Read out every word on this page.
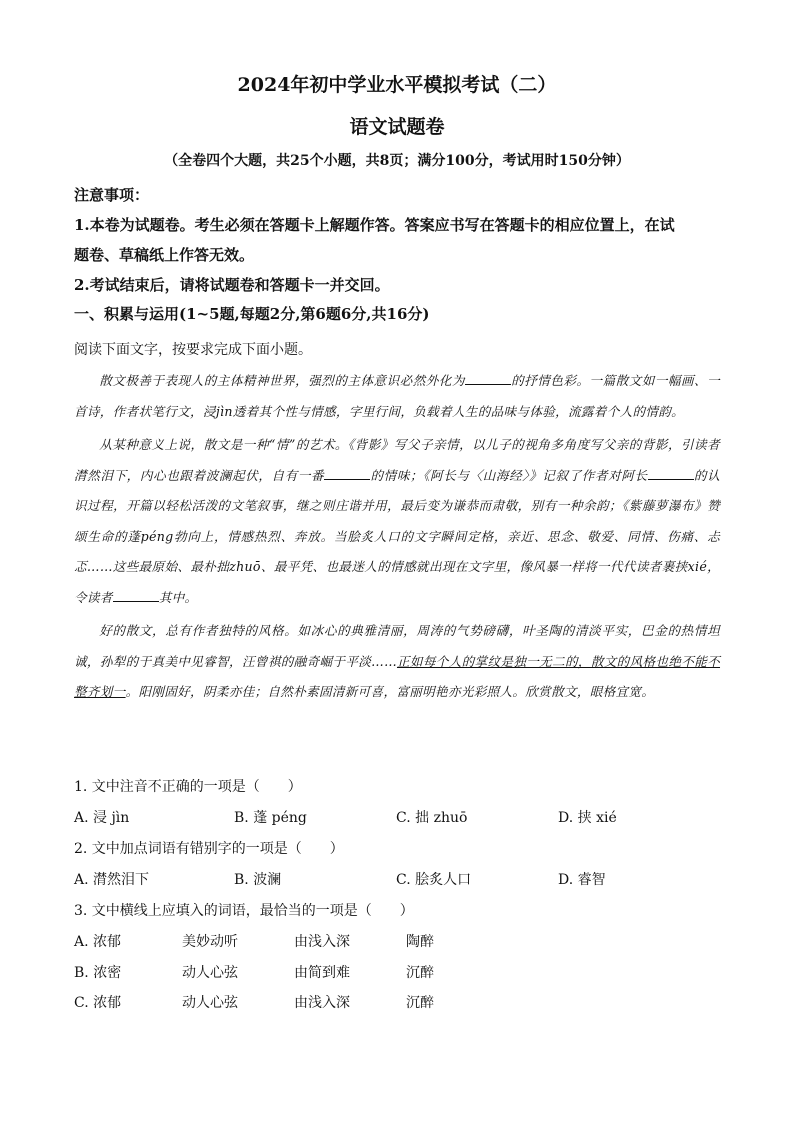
2024年初中学业水平模拟考试（二）
语文试题卷
（全卷四个大题，共25个小题，共8页；满分100分，考试用时150分钟）
注意事项：
1.本卷为试题卷。考生必须在答题卡上解题作答。答案应书写在答题卡的相应位置上，在试
题卷、草稿纸上作答无效。
2.考试结束后，请将试题卷和答题卡一并交回。
一、积累与运用(1~5题,每题2分,第6题6分,共16分)
阅读下面文字，按要求完成下面小题。

散文极善于表现人的主体精神世界，强烈的主体意识必然外化为	的抒情色彩。一篇散文如一幅画、一首诗，作者状笔行文，浸jìn透着其个性与情感，字里行间，负载着人生的品味与体验，流露着个人的情韵。

从某种意义上说，散文是一种“情”的艺术。《背影》写父子亲情，以儿子的视角多角度写父亲的背影，引读者潸然泪下，内心也跟着波澜起伏，自有一番	的情味；《阿长与〈山海经〉》记叙了作者对阿长	的认识过程，开篇以轻松活泼的文笔叙事，继之则庄谐并用，最后变为谦恭而肃敬，别有一种余韵；《紫藤萝瀑布》赞颂生命的蓬péng勃向上，情感热烈、奔放。当脍炙人口的文字瞬间定格，亲近、思念、敬爱、同情、伤痛、忐忑……这些最原始、最朴拙zhuō、最平凭、也最迷人的情感就出现在文字里，像风暴一样将一代代读者裹挟xié，令读者	其中。

好的散文，总有作者独特的风格。如冰心的典雅清丽，周涛的气势磅礴，叶圣陶的清淡平实，巴金的热情坦诚，孙犁的于真美中见睿智，汪曾祺的融奇崛于平淡……正如每个人的掌纹是独一无二的，散文的风格也绝不能不整齐划一。阳刚固好，阴柔亦佳；自然朴素固清新可喜，富丽明艳亦光彩照人。欣赏散文，眼格宜宽。

1. 文中注音不正确的一项是（　　）
A. 浸 jìn	B. 蓬 péng	C. 拙 zhuō	D. 挟 xié
2. 文中加点词语有错别字的一项是（　　）
A. 潸然泪下	B. 波澜	C. 脍炙人口	D. 睿智
3. 文中横线上应填入的词语，最恰当的一项是（　　）
A. 浓郁	美妙动听	由浅入深	陶醉
B. 浓密	动人心弦	由简到难	沉醉
C. 浓郁	动人心弦	由浅入深	沉醉
